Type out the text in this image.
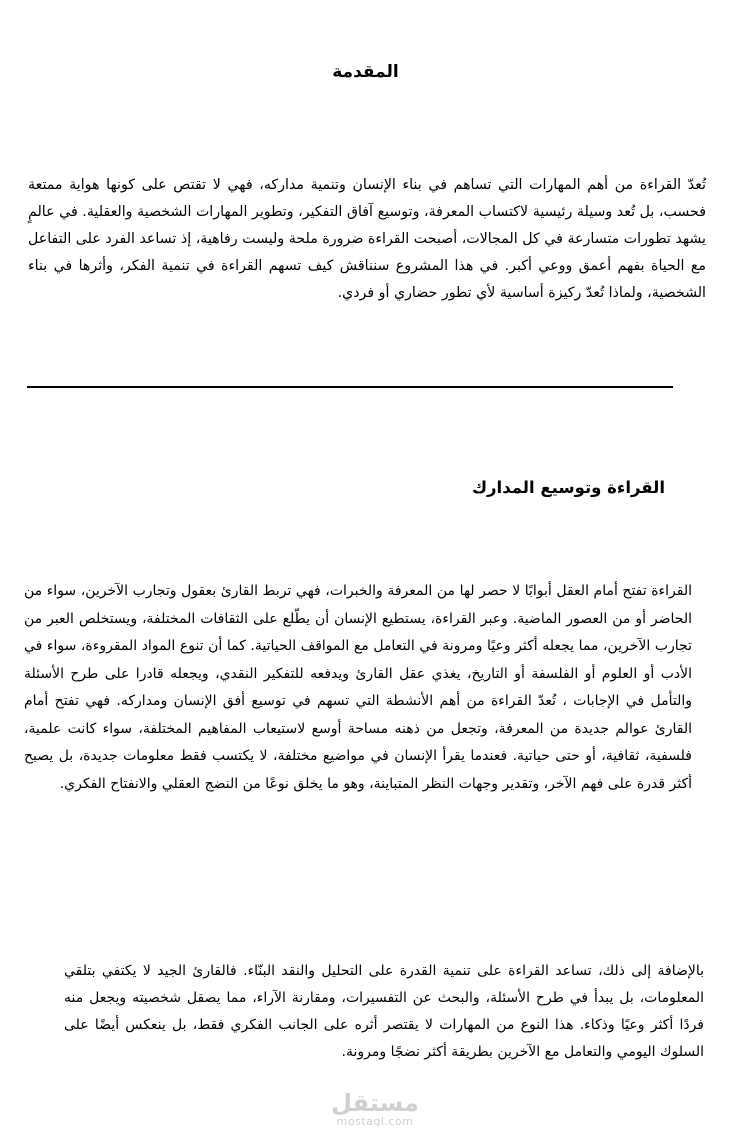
المقدمة

تُعدّ القراءة من أهم المهارات التي تساهم في بناء الإنسان وتنمية مداركه، فهي لا تقتص على كونها هواية ممتعة فحسب، بل تُعد وسيلة رئيسية لاكتساب المعرفة، وتوسيع آفاق التفكير، وتطوير المهارات الشخصية والعقلية. في عالمٍ يشهد تطورات متسارعة في كل المجالات، أصبحت القراءة ضرورة ملحة وليست رفاهية، إذ تساعد الفرد على التفاعل مع الحياة بفهم أعمق ووعي أكبر. في هذا المشروع سنناقش كيف تسهم القراءة في تنمية الفكر، وأثرها في بناء الشخصية، ولماذا تُعدّ ركيزة أساسية لأي تطور حضاري أو فردي.

القراءة وتوسيع المدارك

القراءة تفتح أمام العقل أبوابًا لا حصر لها من المعرفة والخبرات، فهي تربط القارئ بعقول وتجارب الآخرين، سواء من الحاضر أو من العصور الماضية. وعبر القراءة، يستطيع الإنسان أن يطّلع على الثقافات المختلفة، ويستخلص العبر من تجارب الآخرين، مما يجعله أكثر وعيًا ومرونة في التعامل مع المواقف الحياتية. كما أن تنوع المواد المقروءة، سواء في الأدب أو العلوم أو الفلسفة أو التاريخ، يغذي عقل القارئ ويدفعه للتفكير النقدي، ويجعله قادرا على طرح الأسئلة والتأمل في الإجابات ، تُعدّ القراءة من أهم الأنشطة التي تسهم في توسيع أفق الإنسان ومداركه. فهي تفتح أمام القارئ عوالم جديدة من المعرفة، وتجعل من ذهنه مساحة أوسع لاستيعاب المفاهيم المختلفة، سواء كانت علمية، فلسفية، ثقافية، أو حتى حياتية. فعندما يقرأ الإنسان في مواضيع مختلفة، لا يكتسب فقط معلومات جديدة، بل يصبح أكثر قدرة على فهم الآخر، وتقدير وجهات النظر المتباينة، وهو ما يخلق نوعًا من النضج العقلي والانفتاح الفكري.

بالإضافة إلى ذلك، تساعد القراءة على تنمية القدرة على التحليل والنقد البنّاء. فالقارئ الجيد لا يكتفي بتلقي المعلومات، بل يبدأ في طرح الأسئلة، والبحث عن التفسيرات، ومقارنة الآراء، مما يصقل شخصيته ويجعل منه فردًا أكثر وعيًا وذكاء. هذا النوع من المهارات لا يقتصر أثره على الجانب الفكري فقط، بل ينعكس أيضًا على السلوك اليومي والتعامل مع الآخرين بطريقة أكثر نضجًا ومرونة.

مستقل
mostaql.com
